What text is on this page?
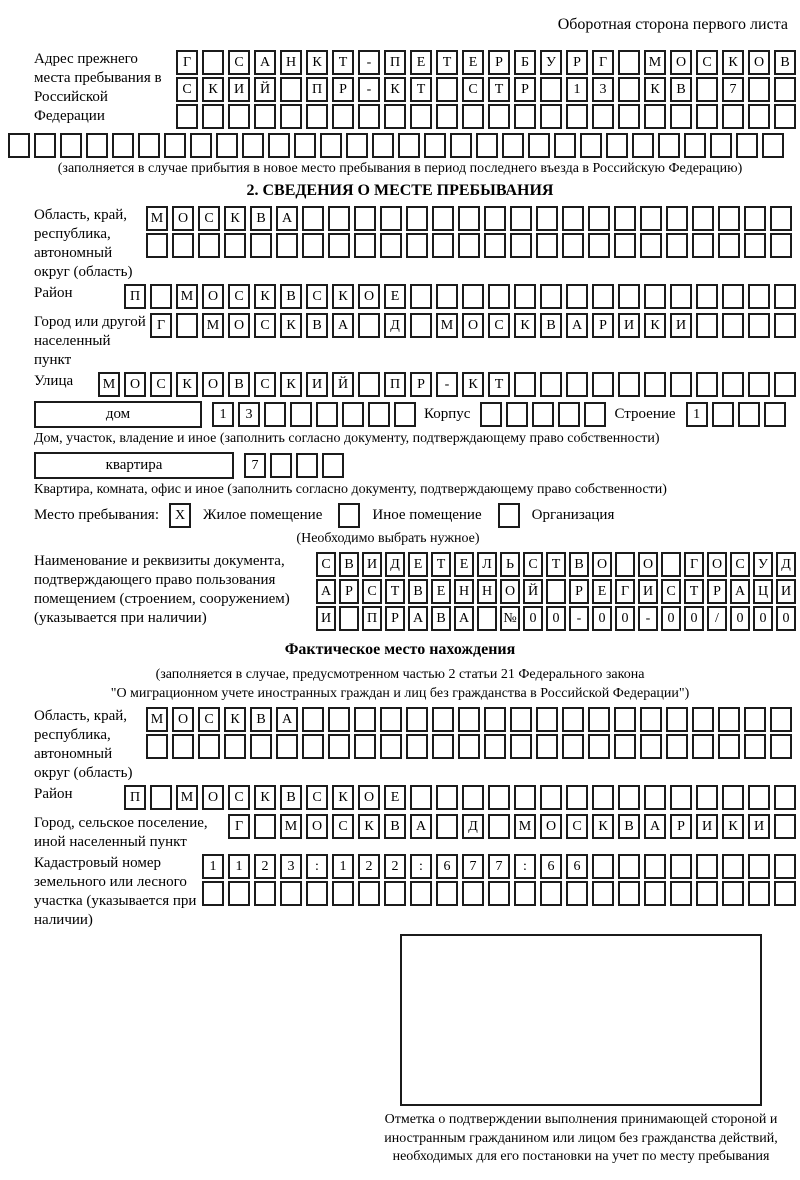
Оборотная сторона первого листа
Адрес прежнего места пребывания в Российской Федерации
Г	С	А	Н	К	Т	-	П	Е	Т	Е	Р	Б	У	Р	Г	М	О	С	К	О	В
С	К	И	Й	П	Р	-	К	Т	С	Т	Р	1	3	К	В	7
(заполняется в случае прибытия в новое место пребывания в период последнего въезда в Российскую Федерацию)
2. СВЕДЕНИЯ О МЕСТЕ ПРЕБЫВАНИЯ
Область, край, республика, автономный округ (область)
М	О	С	К	В	А
Район	П	М	О	С	К	В	С	К	О	Е
Город или другой населенный пункт
Г	М	О	С	К	В	А	Д	М	О	С	К	В	А	Р	И	К	И
Улица	М	О	С	К	О	В	С	К	И	Й	П	Р	-	К	Т
дом	1	3	Корпус	Строение	1
Дом, участок, владение и иное (заполнить согласно документу, подтверждающему право собственности)
квартира	7
Квартира, комната, офис и иное (заполнить согласно документу, подтверждающему право собственности)
Место пребывания:	X	Жилое помещение	Иное помещение	Организация
(Необходимо выбрать нужное)
Наименование и реквизиты документа, подтверждающего право пользования помещением (строением, сооружением) (указывается при наличии)
С В И Д Е	Т	Е Л	Ь	С	Т	В О	О	Г О С У Д
А	Р	С	Т	В	Е Н Н О Й	Р	Е	Г И С	Т	Р	А Ц И
И	П	Р	А В А	№ 0	0	-	0	0	-	0	0	/	0	0	0
Фактическое место нахождения
(заполняется в случае, предусмотренном частью 2 статьи 21 Федерального закона
"О миграционном учете иностранных граждан и лиц без гражданства в Российской Федерации")
Область, край, республика, автономный округ (область)
М	О	С	К	В	А
Район	П	М	О	С	К	В	С	К	О	Е
Город, сельское поселение, иной населенный пункт
Г	М	О	С	К	В	А	Д	М	О	С	К	В	А	Р	И	К	И
Кадастровый номер земельного или лесного участка (указывается при наличии)
1	1	2	3	:	1	2	2	:	6	7	7	:	6	6
Отметка о подтверждении выполнения принимающей стороной и иностранным гражданином или лицом без гражданства действий, необходимых для его постановки на учет по месту пребывания
